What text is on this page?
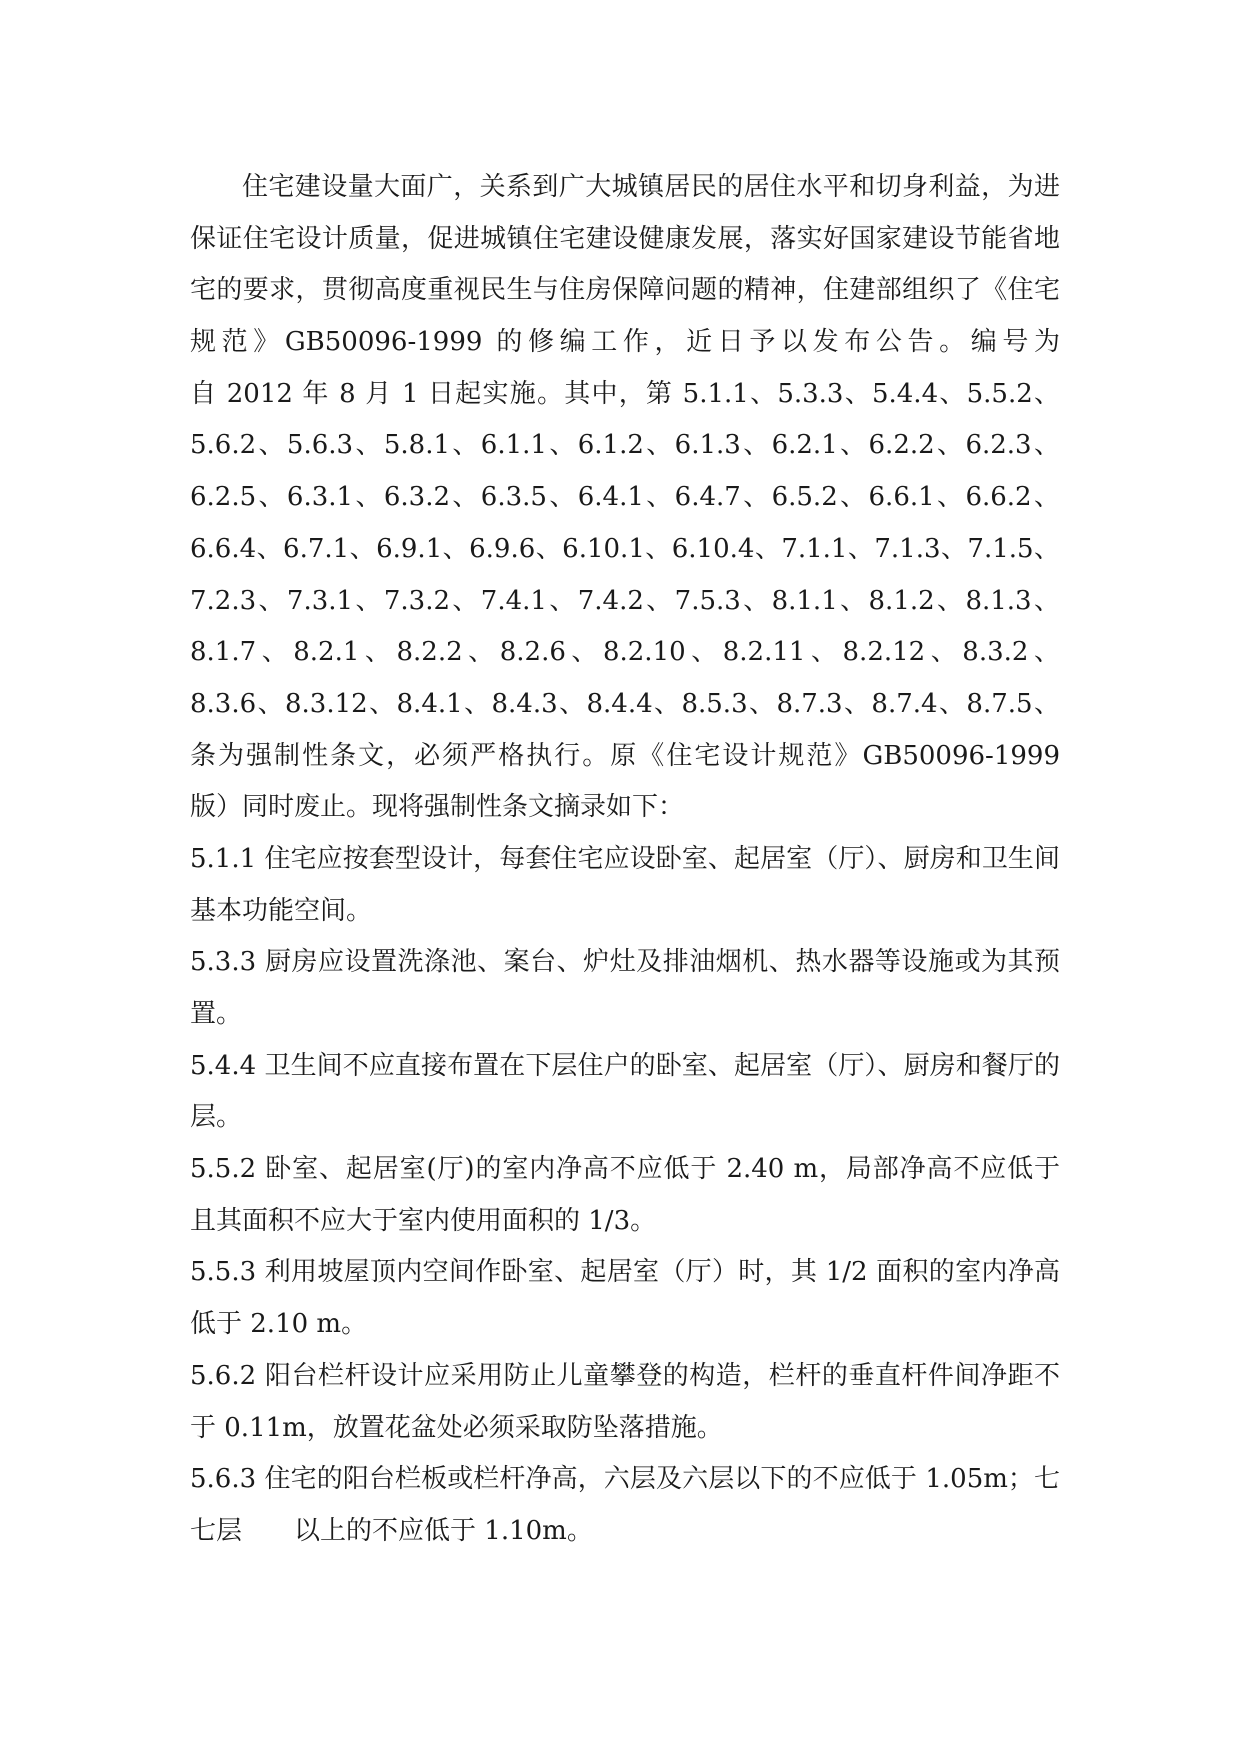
住宅建设量大面广，关系到广大城镇居民的居住水平和切身利益，为进
保证住宅设计质量，促进城镇住宅建设健康发展，落实好国家建设节能省地
宅的要求，贯彻高度重视民生与住房保障问题的精神，住建部组织了《住宅
规范》GB50096-1999 的修编工作，近日予以发布公告。编号为
自 2012 年 8 月 1 日起实施。其中，第 5.1.1、5.3.3、5.4.4、5.5.2、
5.6.2、5.6.3、5.8.1、6.1.1、6.1.2、6.1.3、6.2.1、6.2.2、6.2.3、
6.2.5、6.3.1、6.3.2、6.3.5、6.4.1、6.4.7、6.5.2、6.6.1、6.6.2、
6.6.4、6.7.1、6.9.1、6.9.6、6.10.1、6.10.4、7.1.1、7.1.3、7.1.5、
7.2.3、7.3.1、7.3.2、7.4.1、7.4.2、7.5.3、8.1.1、8.1.2、8.1.3、
8.1.7、8.2.1、8.2.2、8.2.6、8.2.10、8.2.11、8.2.12、8.3.2、
8.3.6、8.3.12、8.4.1、8.4.3、8.4.4、8.5.3、8.7.3、8.7.4、8.7.5、
条为强制性条文，必须严格执行。原《住宅设计规范》GB50096-1999
版）同时废止。现将强制性条文摘录如下：
5.1.1 住宅应按套型设计，每套住宅应设卧室、起居室（厅）、厨房和卫生间
基本功能空间。
5.3.3 厨房应设置洗涤池、案台、炉灶及排油烟机、热水器等设施或为其预
置。
5.4.4 卫生间不应直接布置在下层住户的卧室、起居室（厅）、厨房和餐厅的
层。
5.5.2 卧室、起居室(厅)的室内净高不应低于 2.40 m，局部净高不应低于
且其面积不应大于室内使用面积的 1/3。
5.5.3 利用坡屋顶内空间作卧室、起居室（厅）时，其 1/2 面积的室内净高
低于 2.10 m。
5.6.2 阳台栏杆设计应采用防止儿童攀登的构造，栏杆的垂直杆件间净距不
于 0.11m，放置花盆处必须采取防坠落措施。
5.6.3 住宅的阳台栏板或栏杆净高，六层及六层以下的不应低于 1.05m；七
七层 以上的不应低于 1.10m。
